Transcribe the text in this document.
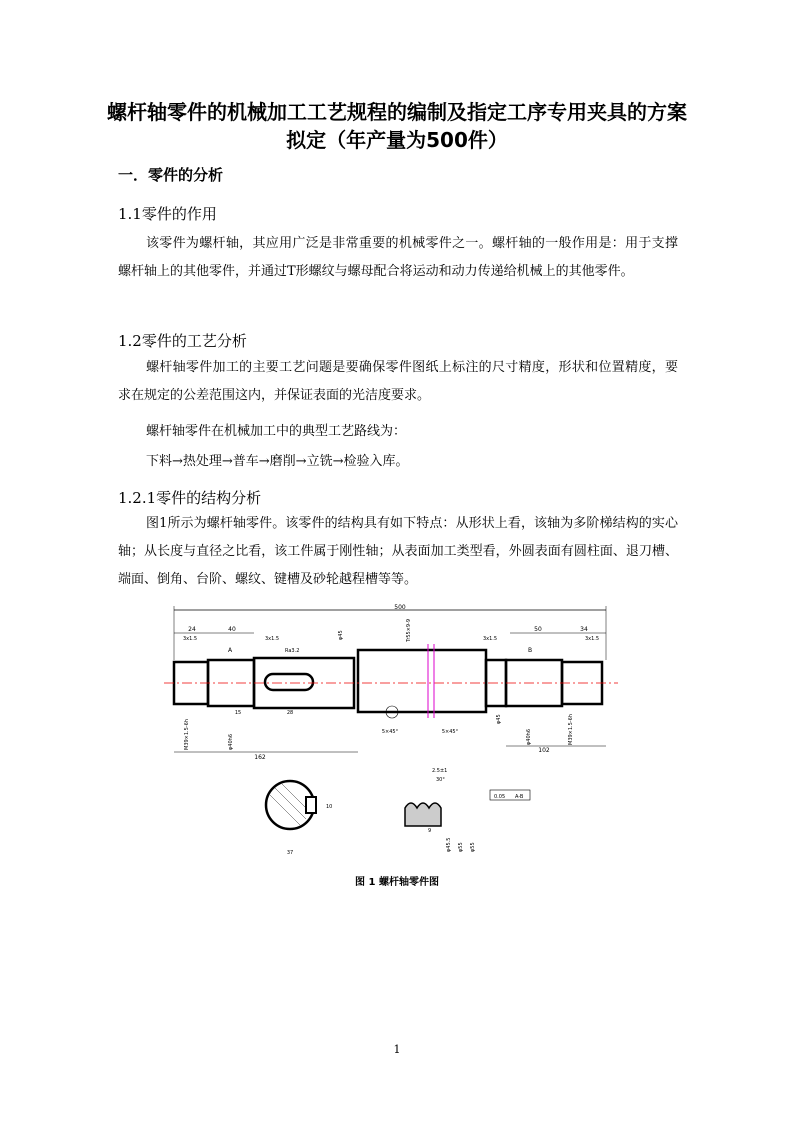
螺杆轴零件的机械加工工艺规程的编制及指定工序专用夹具的方案拟定（年产量为500件）
一．零件的分析
1.1零件的作用
该零件为螺杆轴，其应用广泛是非常重要的机械零件之一。螺杆轴的一般作用是：用于支撑螺杆轴上的其他零件，并通过T形螺纹与螺母配合将运动和动力传递给机械上的其他零件。
1.2零件的工艺分析
螺杆轴零件加工的主要工艺问题是要确保零件图纸上标注的尺寸精度，形状和位置精度，要求在规定的公差范围这内，并保证表面的光洁度要求。
螺杆轴零件在机械加工中的典型工艺路线为：
下料→热处理→普车→磨削→立铣→检验入库。
1.2.1零件的结构分析
图1所示为螺杆轴零件。该零件的结构具有如下特点：从形状上看，该轴为多阶梯结构的实心轴；从长度与直径之比看，该工件属于刚性轴；从表面加工类型看，外圆表面有圆柱面、退刀槽、端面、倒角、台阶、螺纹、键槽及砂轮越程槽等等。
500
24	40
3x1.5	3x1.5	3x1.5	3x1.5
50	34
Tr55×9-9
φ45
A	B
Ra3.2
15	28
5×45°	5×45°
M39×1.5-6h	φ40h6
φ45
φ40h6	M39×1.5-6h
162
102
37
10
2.5±1
30°
9
φ45.5 φ55 φ55
0.05 A-B
图 1 螺杆轴零件图
1
